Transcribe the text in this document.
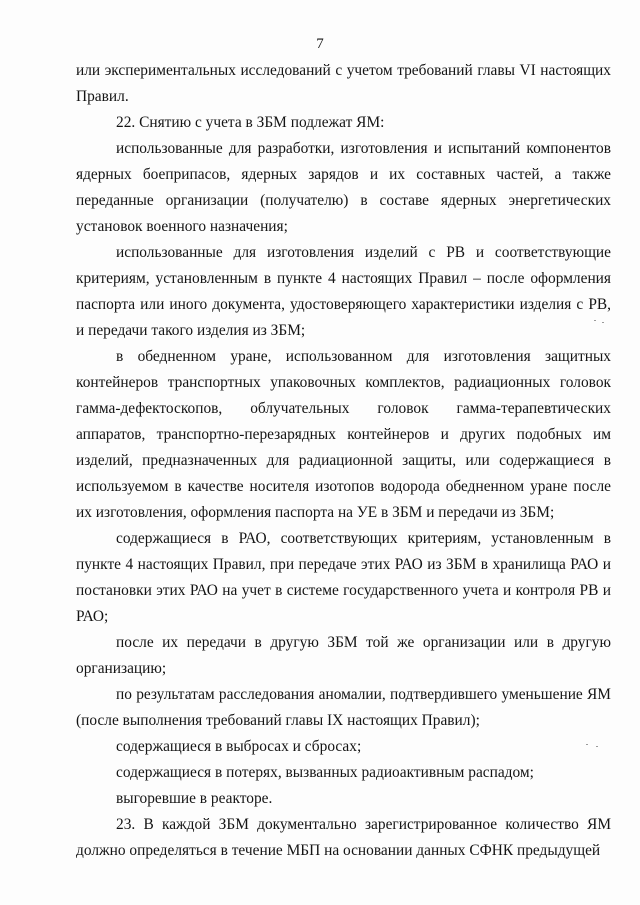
7

или экспериментальных исследований с учетом требований главы VI настоящих Правил.

22. Снятию с учета в ЗБМ подлежат ЯМ:

использованные для разработки, изготовления и испытаний компонентов ядерных боеприпасов, ядерных зарядов и их составных частей, а также переданные организации (получателю) в составе ядерных энергетических установок военного назначения;

использованные для изготовления изделий с РВ и соответствующие критериям, установленным в пункте 4 настоящих Правил – после оформления паспорта или иного документа, удостоверяющего характеристики изделия с РВ, и передачи такого изделия из ЗБМ;

в обедненном уране, использованном для изготовления защитных контейнеров транспортных упаковочных комплектов, радиационных головок гамма-дефектоскопов, облучательных головок гамма-терапевтических аппаратов, транспортно-перезарядных контейнеров и других подобных им изделий, предназначенных для радиационной защиты, или содержащиеся в используемом в качестве носителя изотопов водорода обедненном уране после их изготовления, оформления паспорта на УЕ в ЗБМ и передачи из ЗБМ;

содержащиеся в РАО, соответствующих критериям, установленным в пункте 4 настоящих Правил, при передаче этих РАО из ЗБМ в хранилища РАО и постановки этих РАО на учет в системе государственного учета и контроля РВ и РАО;

после их передачи в другую ЗБМ той же организации или в другую организацию;

по результатам расследования аномалии, подтвердившего уменьшение ЯМ (после выполнения требований главы IX настоящих Правил);

содержащиеся в выбросах и сбросах;

содержащиеся в потерях, вызванных радиоактивным распадом;

выгоревшие в реакторе.

23. В каждой ЗБМ документально зарегистрированное количество ЯМ должно определяться в течение МБП на основании данных СФНК предыдущей
